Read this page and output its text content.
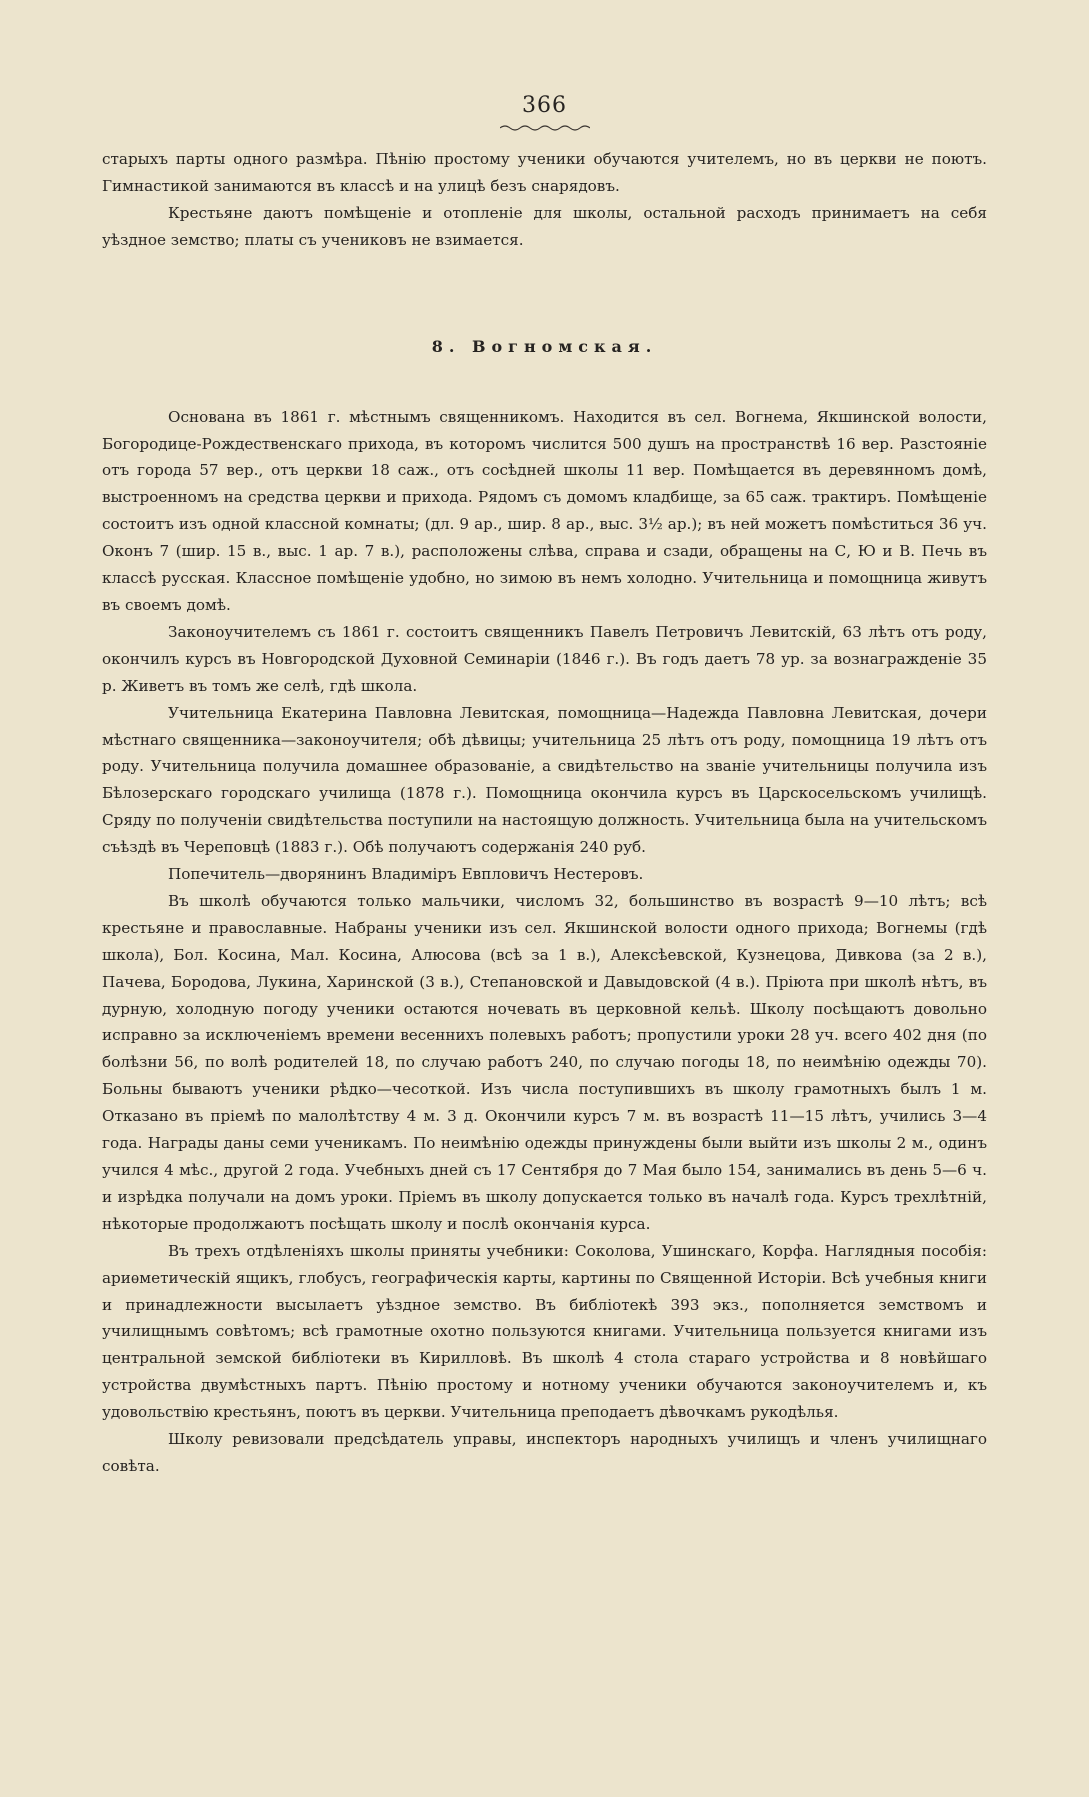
366

старыхъ парты одного размѣра. Пѣнію простому ученики обучаются учителемъ, но въ церкви не поютъ. Гимнастикой занимаются въ классѣ и на улицѣ безъ снарядовъ.

Крестьяне даютъ помѣщеніе и отопленіе для школы, остальной расходъ принимаетъ на себя уѣздное земство; платы съ учениковъ не взимается.

8. Вогномская.

Основана въ 1861 г. мѣстнымъ священникомъ. Находится въ сел. Вогнема, Якшинской волости, Богородице-Рождественскаго прихода, въ которомъ числится 500 душъ на пространствѣ 16 вер. Разстояніе отъ города 57 вер., отъ церкви 18 саж., отъ сосѣдней школы 11 вер. Помѣщается въ деревянномъ домѣ, выстроенномъ на средства церкви и прихода. Рядомъ съ домомъ кладбище, за 65 саж. трактиръ. Помѣщеніе состоитъ изъ одной классной комнаты; (дл. 9 ар., шир. 8 ар., выс. 3½ ар.); въ ней можетъ помѣститься 36 уч. Оконъ 7 (шир. 15 в., выс. 1 ар. 7 в.), расположены слѣва, справа и сзади, обращены на С, Ю и В. Печь въ классѣ русская. Классное помѣщеніе удобно, но зимою въ немъ холодно. Учительница и помощница живутъ въ своемъ домѣ.

Законоучителемъ съ 1861 г. состоитъ священникъ Павелъ Петровичъ Левитскій, 63 лѣтъ отъ роду, окончилъ курсъ въ Новгородской Духовной Семинаріи (1846 г.). Въ годъ даетъ 78 ур. за вознагражденіе 35 р. Живетъ въ томъ же селѣ, гдѣ школа.

Учительница Екатерина Павловна Левитская, помощница—Надежда Павловна Левитская, дочери мѣстнаго священника—законоучителя; обѣ дѣвицы; учительница 25 лѣтъ отъ роду, помощница 19 лѣтъ отъ роду. Учительница получила домашнее образованіе, а свидѣтельство на званіе учительницы получила изъ Бѣлозерскаго городскаго училища (1878 г.). Помощница окончила курсъ въ Царскосельскомъ училищѣ. Сряду по полученіи свидѣтельства поступили на настоящую должность. Учительница была на учительскомъ съѣздѣ въ Череповцѣ (1883 г.). Обѣ получаютъ содержанія 240 руб.

Попечитель—дворянинъ Владиміръ Евпловичъ Нестеровъ.

Въ школѣ обучаются только мальчики, числомъ 32, большинство въ возрастѣ 9—10 лѣтъ; всѣ крестьяне и православные. Набраны ученики изъ сел. Якшинской волости одного прихода; Вогнемы (гдѣ школа), Бол. Косина, Мал. Косина, Алюсова (всѣ за 1 в.), Алексѣевской, Кузнецова, Дивкова (за 2 в.), Пачева, Бородова, Лукина, Харинской (3 в.), Степановской и Давыдовской (4 в.). Пріюта при школѣ нѣтъ, въ дурную, холодную погоду ученики остаются ночевать въ церковной кельѣ. Школу посѣщаютъ довольно исправно за исключеніемъ времени весеннихъ полевыхъ работъ; пропустили уроки 28 уч. всего 402 дня (по болѣзни 56, по волѣ родителей 18, по случаю работъ 240, по случаю погоды 18, по неимѣнію одежды 70). Больны бываютъ ученики рѣдко—чесоткой. Изъ числа поступившихъ въ школу грамотныхъ былъ 1 м. Отказано въ пріемѣ по малолѣтству 4 м. 3 д. Окончили курсъ 7 м. въ возрастѣ 11—15 лѣтъ, учились 3—4 года. Награды даны семи ученикамъ. По неимѣнію одежды принуждены были выйти изъ школы 2 м., одинъ учился 4 мѣс., другой 2 года. Учебныхъ дней съ 17 Сентября до 7 Мая было 154, занимались въ день 5—6 ч. и изрѣдка получали на домъ уроки. Пріемъ въ школу допускается только въ началѣ года. Курсъ трехлѣтній, нѣкоторые продолжаютъ посѣщать школу и послѣ окончанія курса.

Въ трехъ отдѣленіяхъ школы приняты учебники: Соколова, Ушинскаго, Корфа. Наглядныя пособія: ариѳметическій ящикъ, глобусъ, географическія карты, картины по Священной Исторіи. Всѣ учебныя книги и принадлежности высылаетъ уѣздное земство. Въ библіотекѣ 393 экз., пополняется земствомъ и училищнымъ совѣтомъ; всѣ грамотные охотно пользуются книгами. Учительница пользуется книгами изъ центральной земской библіотеки въ Кирилловѣ. Въ школѣ 4 стола стараго устройства и 8 новѣйшаго устройства двумѣстныхъ партъ. Пѣнію простому и нотному ученики обучаются законоучителемъ и, къ удовольствію крестьянъ, поютъ въ церкви. Учительница преподаетъ дѣвочкамъ рукодѣлья.

Школу ревизовали предсѣдатель управы, инспекторъ народныхъ училищъ и членъ училищнаго совѣта.
